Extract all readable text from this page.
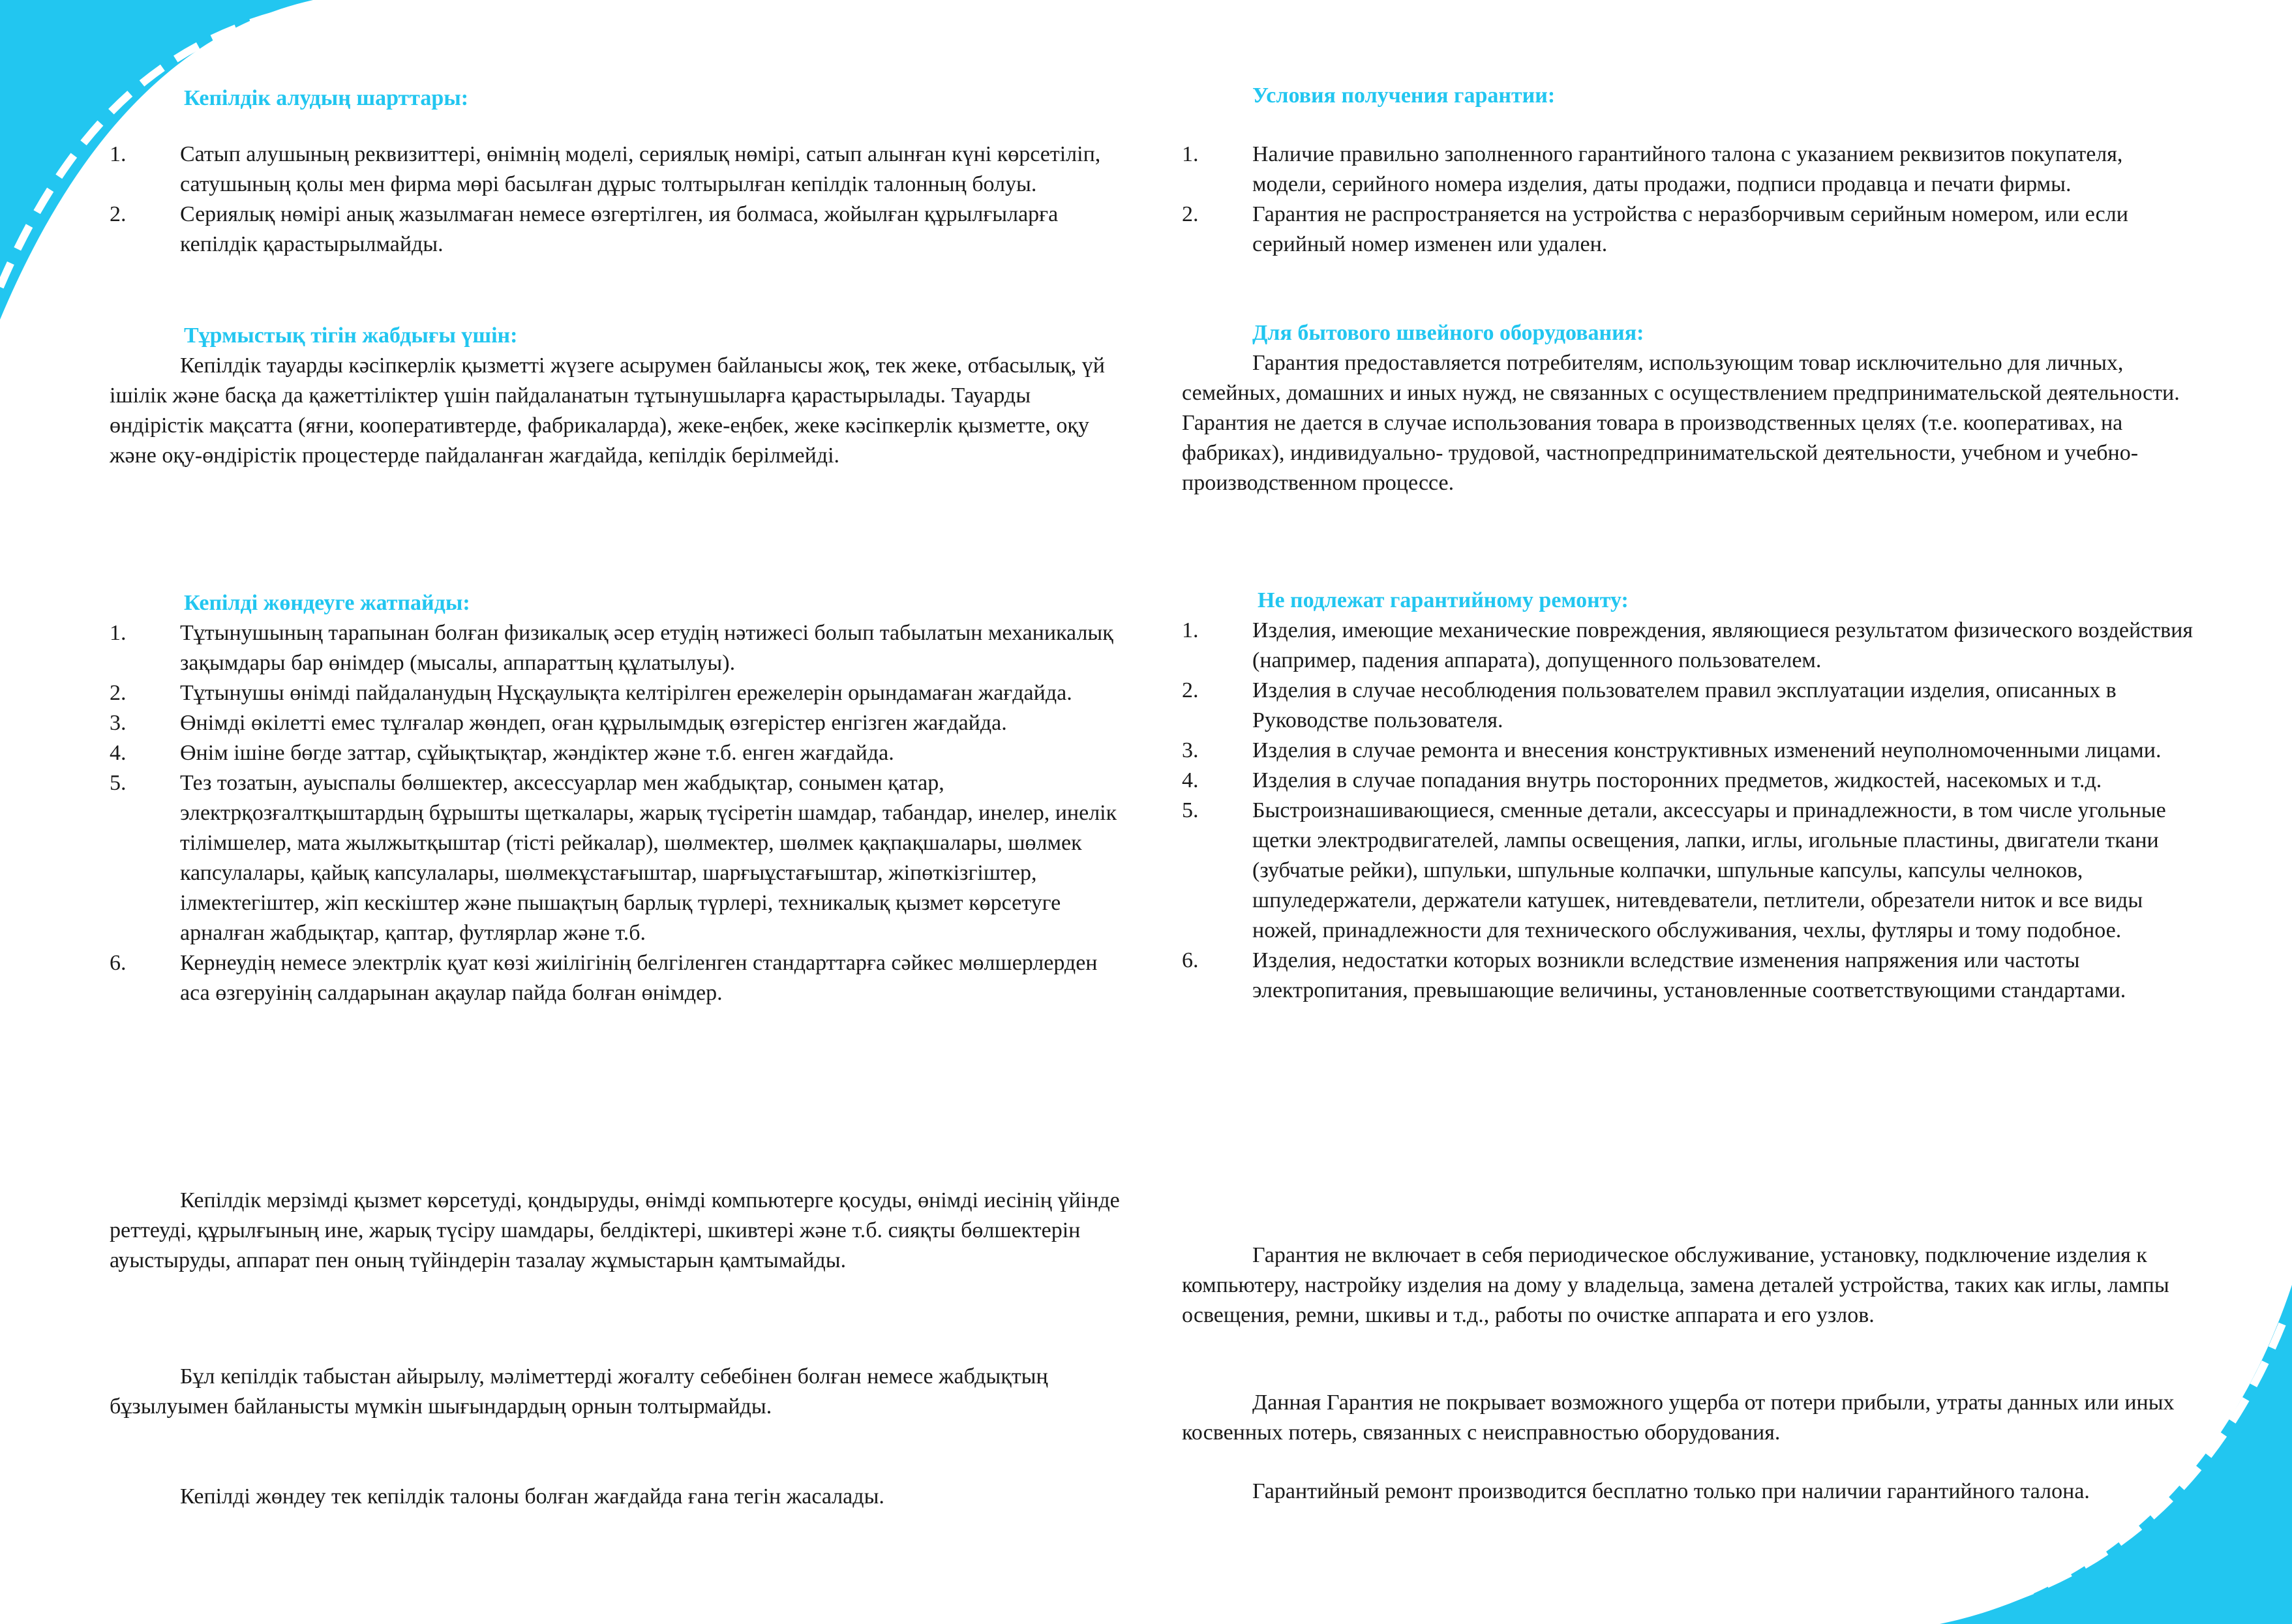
Кепілдік алудың шарттары:
1. Сатып алушының реквизиттері, өнімнің моделі, сериялық нөмірі, сатып алынған күні көрсетіліп, сатушының қолы мен фирма мөрі басылған дұрыс толтырылған кепілдік талонның болуы.
2. Сериялық нөмірі анық жазылмаған немесе өзгертілген, ия болмаса, жойылған құрылғыларға кепілдік қарастырылмайды.
Тұрмыстық тігін жабдығы үшін:

Кепілдік тауарды кәсіпкерлік қызметті жүзеге асырумен байланысы жоқ, тек жеке, отбасылық, үй ішілік және басқа да қажеттіліктер үшін пайдаланатын тұтынушыларға қарастырылады. Тауарды өндірістік мақсатта (яғни, кооперативтерде, фабрикаларда), жеке-еңбек, жеке кәсіпкерлік қызметте, оқу және оқу-өндірістік процестерде пайдаланған жағдайда, кепілдік берілмейді.

Кепілді жөндеуге жатпайды:
1. Тұтынушының тарапынан болған физикалық әсер етудің нәтижесі болып табылатын механикалық зақымдары бар өнімдер (мысалы, аппараттың құлатылуы).
2. Тұтынушы өнімді пайдаланудың Нұсқаулықта келтірілген ережелерін орындамаған жағдайда.
3. Өнімді өкілетті емес тұлғалар жөндеп, оған құрылымдық өзгерістер енгізген жағдайда.
4. Өнім ішіне бөгде заттар, сұйықтықтар, жәндіктер және т.б. енген жағдайда.
5. Тез тозатын, ауыспалы бөлшектер, аксессуарлар мен жабдықтар, сонымен қатар, электрқозғалтқыштардың бұрышты щеткалары, жарық түсіретін шамдар, табандар, инелер, инелік тілімшелер, мата жылжытқыштар (тісті рейкалар), шөлмектер, шөлмек қақпақшалары, шөлмек капсулалары, қайық капсулалары, шөлмекұстағыштар, шарғыұстағыштар, жіпөткізгіштер, ілмектегіштер, жіп кескіштер және пышақтың барлық түрлері, техникалық қызмет көрсетуге арналған жабдықтар, қаптар, футлярлар және т.б.
6. Кернеудің немесе электрлік қуат көзі жиілігінің белгіленген стандарттарға сәйкес мөлшерлерден аса өзгеруінің салдарынан ақаулар пайда болған өнімдер.

Кепілдік мерзімді қызмет көрсетуді, қондыруды, өнімді компьютерге қосуды, өнімді иесінің үйінде реттеуді, құрылғының ине, жарық түсіру шамдары, белдіктері, шкивтері және т.б. сияқты бөлшектерін ауыстыруды, аппарат пен оның түйіндерін тазалау жұмыстарын қамтымайды.

Бұл кепілдік табыстан айырылу, мәліметтерді жоғалту себебінен болған немесе жабдықтың бұзылуымен байланысты мүмкін шығындардың орнын толтырмайды.

Кепілді жөндеу тек кепілдік талоны болған жағдайда ғана тегін жасалады.

Условия получения гарантии:
1. Наличие правильно заполненного гарантийного талона с указанием реквизитов покупателя, модели, серийного номера изделия, даты продажи, подписи продавца и печати фирмы.
2. Гарантия не распространяется на устройства с неразборчивым серийным номером, или если серийный номер изменен или удален.
Для бытового швейного оборудования:

Гарантия предоставляется потребителям, использующим товар исключительно для личных, семейных, домашних и иных нужд, не связанных с осуществлением предпринимательской деятельности. Гарантия не дается в случае использования товара в производственных целях (т.е. кооперативах, на фабриках), индивидуально- трудовой, частнопредпринимательской деятельности, учебном и учебно- производственном процессе.

Не подлежат гарантийному ремонту:
1. Изделия, имеющие механические повреждения, являющиеся результатом физического воздействия (например, падения аппарата), допущенного пользователем.
2. Изделия в случае несоблюдения пользователем правил эксплуатации изделия, описанных в Руководстве пользователя.
3. Изделия в случае ремонта и внесения конструктивных изменений неуполномоченными лицами.
4. Изделия в случае попадания внутрь посторонних предметов, жидкостей, насекомых и т.д.
5. Быстроизнашивающиеся, сменные детали, аксессуары и принадлежности, в том числе угольные щетки электродвигателей, лампы освещения, лапки, иглы, игольные пластины, двигатели ткани (зубчатые рейки), шпульки, шпульные колпачки, шпульные капсулы, капсулы челноков, шпуледержатели, держатели катушек, нитевдеватели, петлители, обрезатели ниток и все виды ножей, принадлежности для технического обслуживания, чехлы, футляры и тому подобное.
6. Изделия, недостатки которых возникли вследствие изменения напряжения или частоты электропитания, превышающие величины, установленные соответствующими стандартами.

Гарантия не включает в себя периодическое обслуживание, установку, подключение изделия к компьютеру, настройку изделия на дому у владельца, замена деталей устройства, таких как иглы, лампы освещения, ремни, шкивы и т.д., работы по очистке аппарата и его узлов.

Данная Гарантия не покрывает возможного ущерба от потери прибыли, утраты данных или иных косвенных потерь, связанных с неисправностью оборудования.

Гарантийный ремонт производится бесплатно только при наличии гарантийного талона.
